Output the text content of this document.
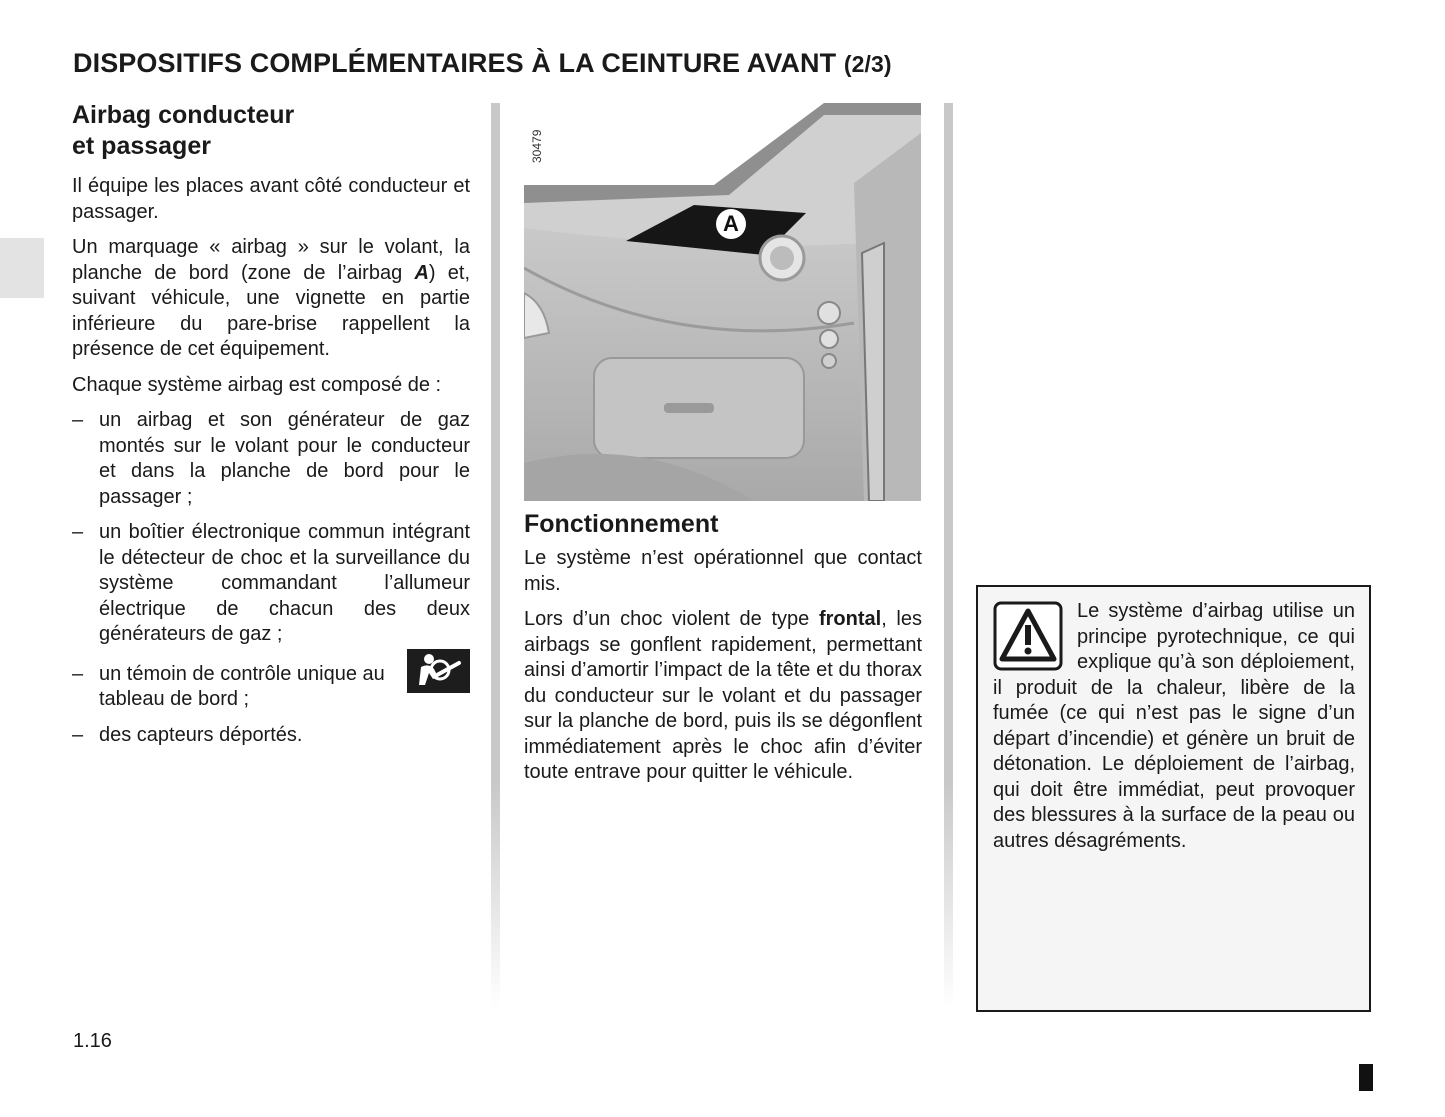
DISPOSITIFS COMPLÉMENTAIRES À LA CEINTURE AVANT (2/3)
Airbag conducteur
et passager

Il équipe les places avant côté conducteur et passager.

Un marquage « airbag » sur le volant, la planche de bord (zone de l’airbag A) et, suivant véhicule, une vignette en partie inférieure du pare-brise rappellent la présence de cet équipement.

Chaque système airbag est composé de :

– un airbag et son générateur de gaz montés sur le volant pour le conducteur et dans la planche de bord pour le passager ;
– un boîtier électronique commun intégrant le détecteur de choc et la surveillance du système commandant l’allumeur électrique de chacun des deux générateurs de gaz ;
– un témoin de contrôle unique au tableau de bord ;
– des capteurs déportés.
30479
A
Fonctionnement

Le système n’est opérationnel que contact mis.

Lors d’un choc violent de type frontal, les airbags se gonflent rapidement, permettant ainsi d’amortir l’impact de la tête et du thorax du conducteur sur le volant et du passager sur la planche de bord, puis ils se dégonflent immédiatement après le choc afin d’éviter toute entrave pour quitter le véhicule.

Le système d’airbag utilise un principe pyrotechnique, ce qui explique qu’à son déploiement, il produit de la chaleur, libère de la fumée (ce qui n’est pas le signe d’un départ d’incendie) et génère un bruit de détonation. Le déploiement de l’airbag, qui doit être immédiat, peut provoquer des blessures à la surface de la peau ou autres désagréments.

1.16
